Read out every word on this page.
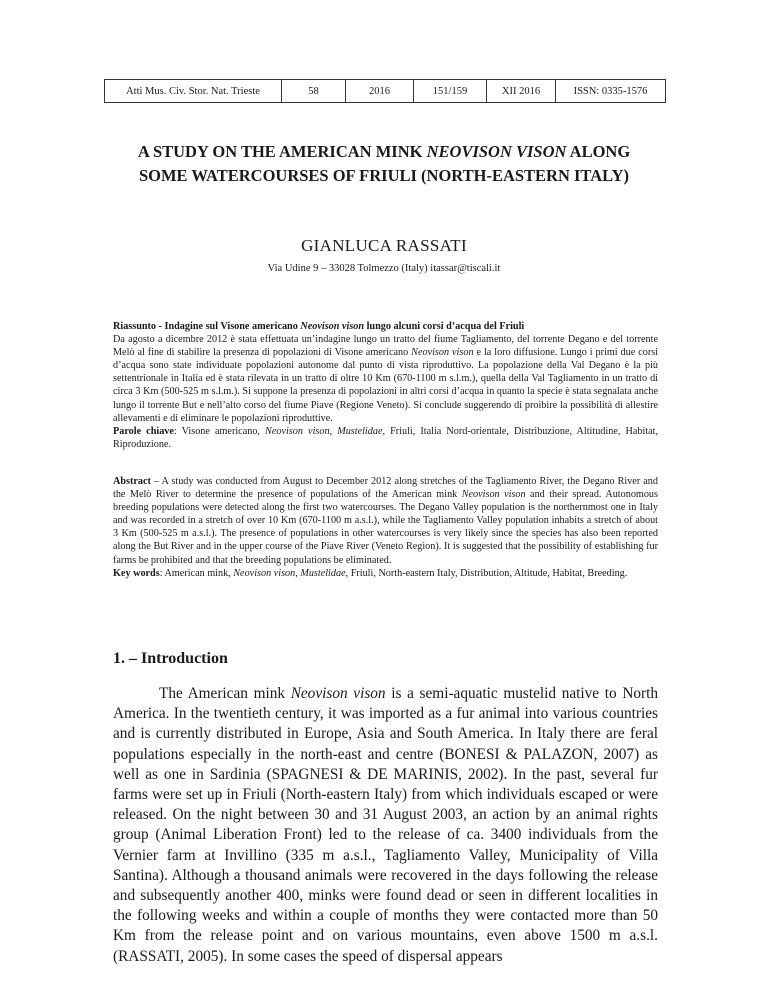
Atti Mus. Civ. Stor. Nat. Trieste	58	2016	151/159	XII 2016	ISSN: 0335-1576
A STUDY ON THE AMERICAN MINK NEOVISON VISON ALONG
SOME WATERCOURSES OF FRIULI (NORTH-EASTERN ITALY)
GIANLUCA RASSATI
Via Udine 9 – 33028 Tolmezzo (Italy) itassar@tiscali.it
Riassunto - Indagine sul Visone americano Neovison vison lungo alcuni corsi d’acqua del Friuli
Da agosto a dicembre 2012 è stata effettuata un’indagine lungo un tratto del fiume Tagliamento, del torrente Degano e del torrente Melò al fine di stabilire la presenza di popolazioni di Visone americano Neovison vison e la loro diffusione. Lungo i primi due corsi d’acqua sono state individuate popolazioni autonome dal punto di vista riproduttivo. La popolazione della Val Degano è la più settentrionale in Italia ed è stata rilevata in un tratto di oltre 10 Km (670-1100 m s.l.m.), quella della Val Tagliamento in un tratto di circa 3 Km (500-525 m s.l.m.). Si suppone la presenza di popolazioni in altri corsi d’acqua in quanto la specie è stata segnalata anche lungo il torrente But e nell’alto corso del fiume Piave (Regione Veneto). Si conclude suggerendo di proibire la possibilità di allestire allevamenti e di eliminare le popolazioni riproduttive.
Parole chiave: Visone americano, Neovison vison, Mustelidae, Friuli, Italia Nord-orientale, Distribuzione, Altitudine, Habitat, Riproduzione.
Abstract – A study was conducted from August to December 2012 along stretches of the Tagliamento River, the Degano River and the Melò River to determine the presence of populations of the American mink Neovison vison and their spread. Autonomous breeding populations were detected along the first two watercourses. The Degano Valley population is the northernmost one in Italy and was recorded in a stretch of over 10 Km (670-1100 m a.s.l.), while the Tagliamento Valley population inhabits a stretch of about 3 Km (500-525 m a.s.l.). The presence of populations in other watercourses is very likely since the species has also been reported along the But River and in the upper course of the Piave River (Veneto Region). It is suggested that the possibility of establishing fur farms be prohibited and that the breeding populations be eliminated.
Key words: American mink, Neovison vison, Mustelidae, Friuli, North-eastern Italy, Distribution, Altitude, Habitat, Breeding.
1. – Introduction
The American mink Neovison vison is a semi-aquatic mustelid native to North America. In the twentieth century, it was imported as a fur animal into various countries and is currently distributed in Europe, Asia and South America. In Italy there are feral populations especially in the north-east and centre (BONESI & PALAZON, 2007) as well as one in Sardinia (SPAGNESI & DE MARINIS, 2002). In the past, several fur farms were set up in Friuli (North-eastern Italy) from which individuals escaped or were released. On the night between 30 and 31 August 2003, an action by an animal rights group (Animal Liberation Front) led to the release of ca. 3400 individuals from the Vernier farm at Invillino (335 m a.s.l., Tagliamento Valley, Municipality of Villa Santina). Although a thousand animals were recovered in the days following the release and subsequently another 400, minks were found dead or seen in different localities in the following weeks and within a couple of months they were contacted more than 50 Km from the release point and on various mountains, even above 1500 m a.s.l. (RASSATI, 2005). In some cases the speed of dispersal appears
